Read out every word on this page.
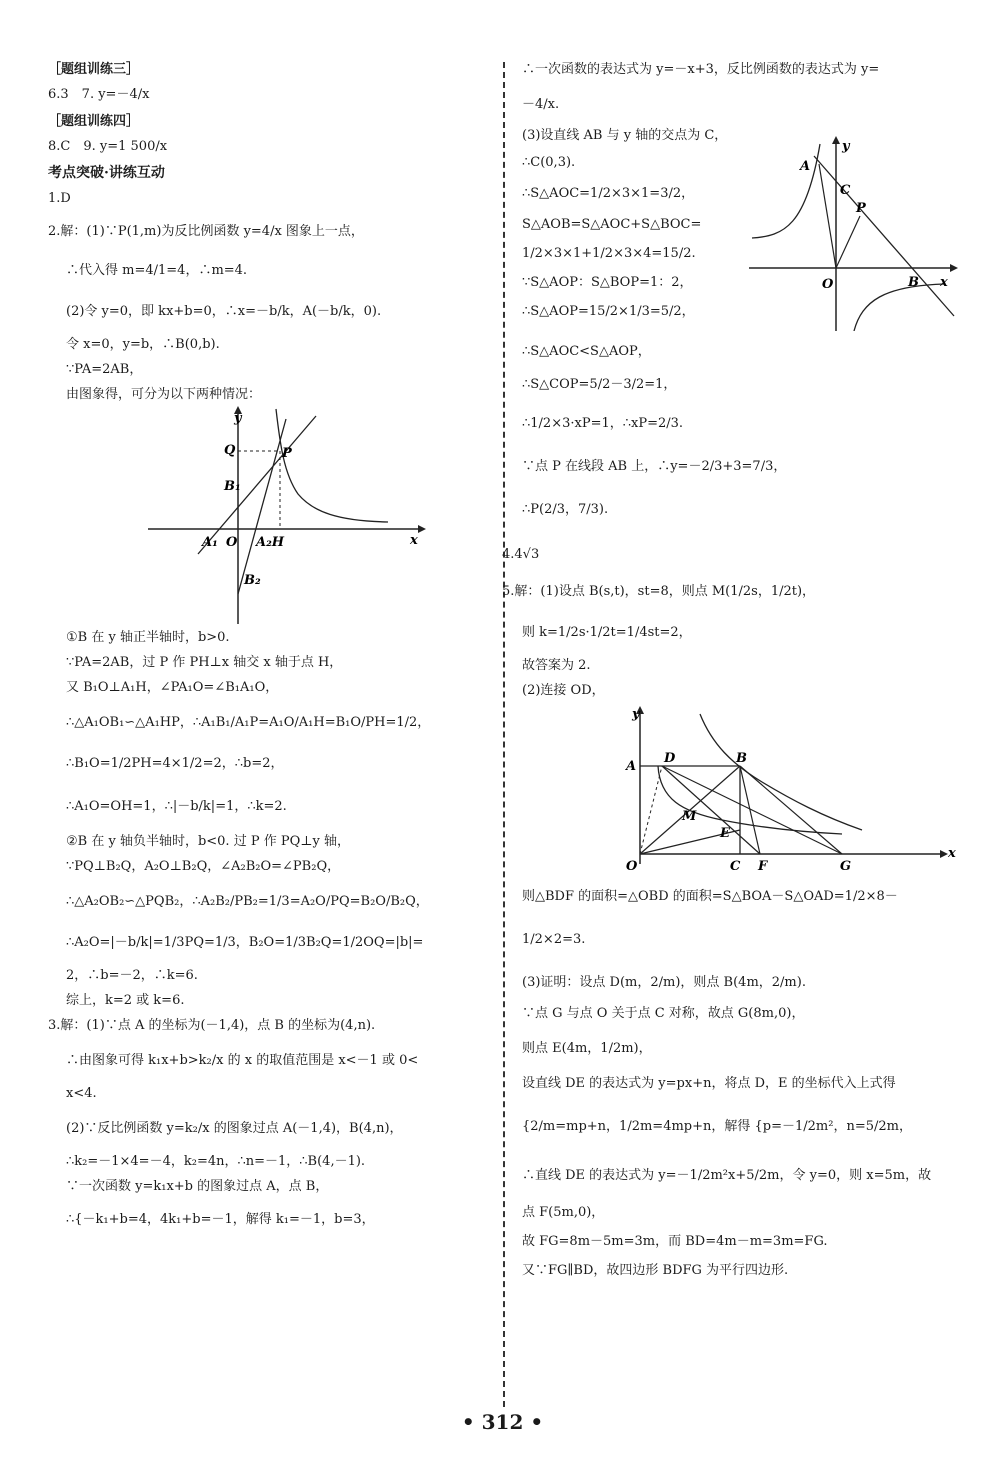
［题组训练三］

6.3　7. y=－4/x

［题组训练四］

8.C　9. y=1 500/x

考点突破·讲练互动

1.D

2.解：(1)∵P(1,m)为反比例函数 y=4/x 图象上一点，

∴代入得 m=4/1=4，∴m=4.

(2)令 y=0，即 kx+b=0，∴x=－b/k，A(－b/k，0).

令 x=0，y=b，∴B(0,b).

∵PA=2AB，

由图象得，可分为以下两种情况：

y
x
Q	P
B₁
A₁ O A₂H
B₂

①B 在 y 轴正半轴时，b>0.

∵PA=2AB，过 P 作 PH⊥x 轴交 x 轴于点 H，

又 B₁O⊥A₁H，∠PA₁O=∠B₁A₁O，

∴△A₁OB₁∽△A₁HP，∴A₁B₁/A₁P=A₁O/A₁H=B₁O/PH=1/2，

∴B₁O=1/2PH=4×1/2=2，∴b=2，

∴A₁O=OH=1，∴|－b/k|=1，∴k=2.

②B 在 y 轴负半轴时，b<0. 过 P 作 PQ⊥y 轴，

∵PQ⊥B₂Q，A₂O⊥B₂Q，∠A₂B₂O=∠PB₂Q，

∴△A₂OB₂∽△PQB₂，∴A₂B₂/PB₂=1/3=A₂O/PQ=B₂O/B₂Q，

∴A₂O=|－b/k|=1/3PQ=1/3，B₂O=1/3B₂Q=1/2OQ=|b|=

2，∴b=－2，∴k=6.

综上，k=2 或 k=6.

3.解：(1)∵点 A 的坐标为(－1,4)，点 B 的坐标为(4,n).

∴由图象可得 k₁x+b>k₂/x 的 x 的取值范围是 x<－1 或 0<

x<4.

(2)∵反比例函数 y=k₂/x 的图象过点 A(－1,4)，B(4,n)，

∴k₂=－1×4=－4，k₂=4n，∴n=－1，∴B(4,－1).

∵一次函数 y=k₁x+b 的图象过点 A，点 B，

∴{－k₁+b=4，4k₁+b=－1，解得 k₁=－1，b=3，

∴一次函数的表达式为 y=－x+3，反比例函数的表达式为 y=

－4/x.

(3)设直线 AB 与 y 轴的交点为 C，

∴C(0,3).

∴S△AOC=1/2×3×1=3/2，

S△AOB=S△AOC+S△BOC=

1/2×3×1+1/2×3×4=15/2.

∵S△AOP：S△BOP=1：2，

∴S△AOP=15/2×1/3=5/2，

y
x
A
C
P
O	B

∴S△AOC<S△AOP，

∴S△COP=5/2－3/2=1，

∴1/2×3·xP=1，∴xP=2/3.

∵点 P 在线段 AB 上，∴y=－2/3+3=7/3，

∴P(2/3，7/3).

4.4√3

5.解：(1)设点 B(s,t)，st=8，则点 M(1/2s，1/2t)，

则 k=1/2s·1/2t=1/4st=2，

故答案为 2.

(2)连接 OD，

y
x
A
D	B
M
E
O	C F	G

则△BDF 的面积=△OBD 的面积=S△BOA－S△OAD=1/2×8－

1/2×2=3.

(3)证明：设点 D(m，2/m)，则点 B(4m，2/m).

∵点 G 与点 O 关于点 C 对称，故点 G(8m,0)，

则点 E(4m，1/2m)，

设直线 DE 的表达式为 y=px+n，将点 D，E 的坐标代入上式得

{2/m=mp+n，1/2m=4mp+n，解得 {p=－1/2m²，n=5/2m，

∴直线 DE 的表达式为 y=－1/2m²x+5/2m，令 y=0，则 x=5m，故

点 F(5m,0)，

故 FG=8m－5m=3m，而 BD=4m－m=3m=FG.

又∵FG∥BD，故四边形 BDFG 为平行四边形.

• 312 •
